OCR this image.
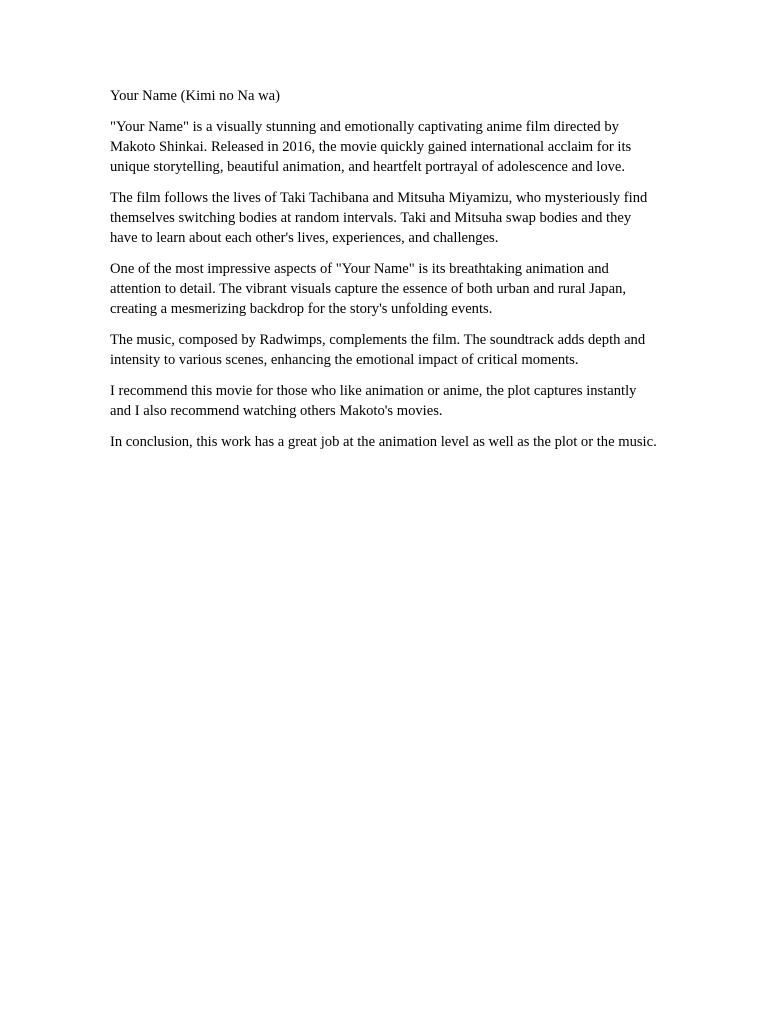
Your Name (Kimi no Na wa)

"Your Name" is a visually stunning and emotionally captivating anime film directed by Makoto Shinkai. Released in 2016, the movie quickly gained international acclaim for its unique storytelling, beautiful animation, and heartfelt portrayal of adolescence and love.

The film follows the lives of Taki Tachibana and Mitsuha Miyamizu, who mysteriously find themselves switching bodies at random intervals. Taki and Mitsuha swap bodies and they have to learn about each other's lives, experiences, and challenges.

One of the most impressive aspects of "Your Name" is its breathtaking animation and attention to detail. The vibrant visuals capture the essence of both urban and rural Japan, creating a mesmerizing backdrop for the story's unfolding events.

The music, composed by Radwimps, complements the film. The soundtrack adds depth and intensity to various scenes, enhancing the emotional impact of critical moments.

I recommend this movie for those who like animation or anime, the plot captures instantly and I also recommend watching others Makoto's movies.

In conclusion, this work has a great job at the animation level as well as the plot or the music.
